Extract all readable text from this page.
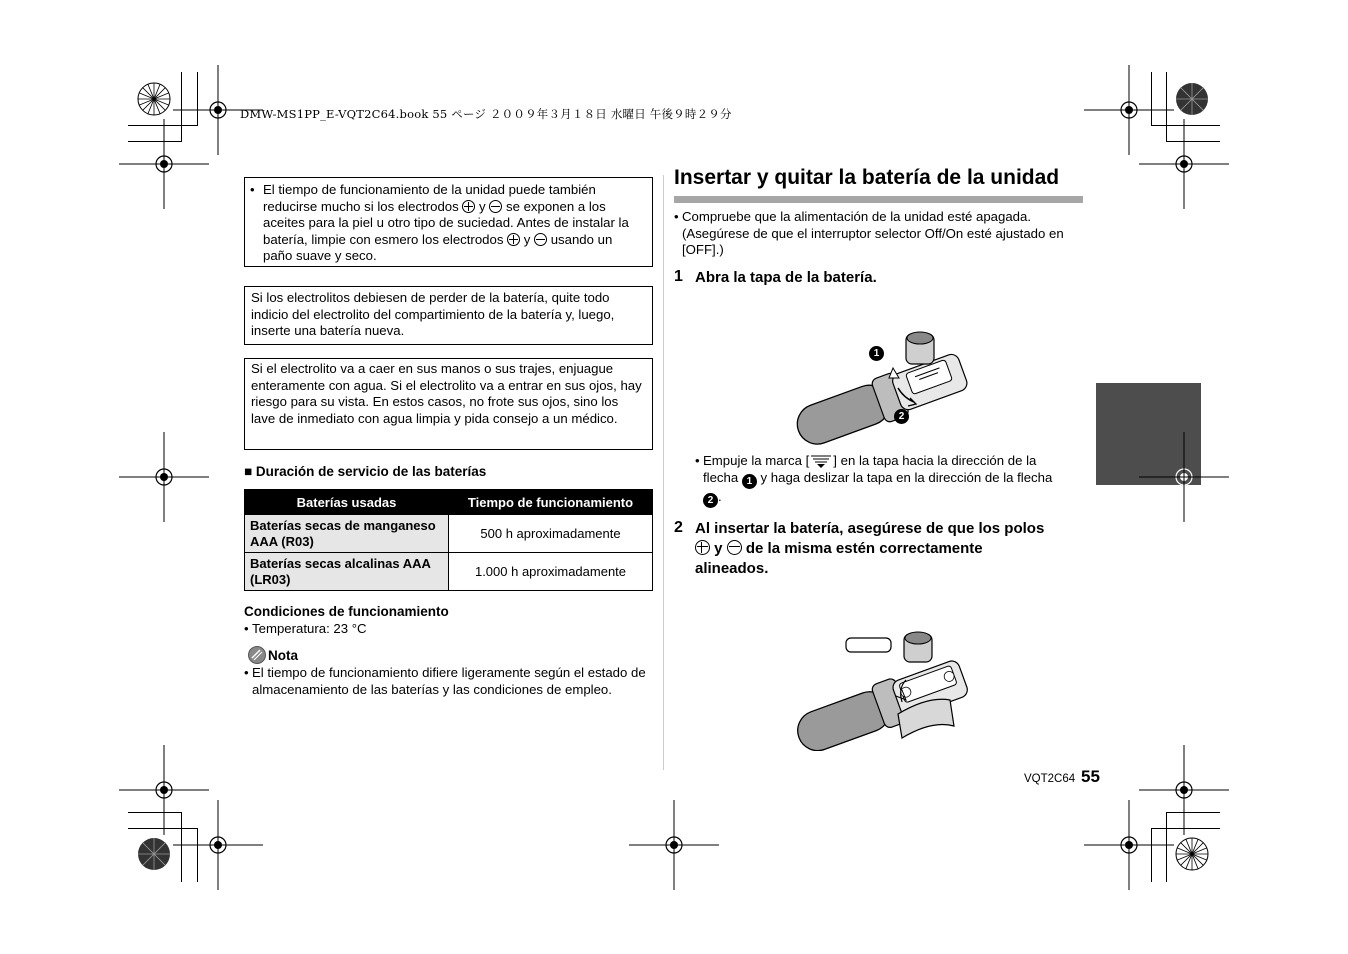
DMW-MS1PP_E-VQT2C64.book 55 ページ ２００９年３月１８日 水曜日 午後９時２９分
• El tiempo de funcionamiento de la unidad puede también reducirse mucho si los electrodos y se exponen a los aceites para la piel u otro tipo de suciedad. Antes de instalar la batería, limpie con esmero los electrodos y usando un paño suave y seco.
Si los electrolitos debiesen de perder de la batería, quite todo indicio del electrolito del compartimiento de la batería y, luego, inserte una batería nueva.
Si el electrolito va a caer en sus manos o sus trajes, enjuague enteramente con agua. Si el electrolito va a entrar en sus ojos, hay riesgo para su vista. En estos casos, no frote sus ojos, sino los lave de inmediato con agua limpia y pida consejo a un médico.
■ Duración de servicio de las baterías
Baterías usadas	Tiempo de funcionamiento
Baterías secas de manganeso AAA (R03)	500 h aproximadamente
Baterías secas alcalinas AAA (LR03)	1.000 h aproximadamente
Condiciones de funcionamiento
• Temperatura: 23 °C
Nota
• El tiempo de funcionamiento difiere ligeramente según el estado de almacenamiento de las baterías y las condiciones de empleo.
Insertar y quitar la batería de la unidad
• Compruebe que la alimentación de la unidad esté apagada.
(Asegúrese de que el interruptor selector Off/On esté ajustado en [OFF].)
1 Abra la tapa de la batería.
1
2
• Empuje la marca [ ] en la tapa hacia la dirección de la
flecha 1 y haga deslizar la tapa en la dirección de la flecha
2 .
2 Al insertar la batería, asegúrese de que los polos
y de la misma estén correctamente
alineados.
VQT2C64 55
